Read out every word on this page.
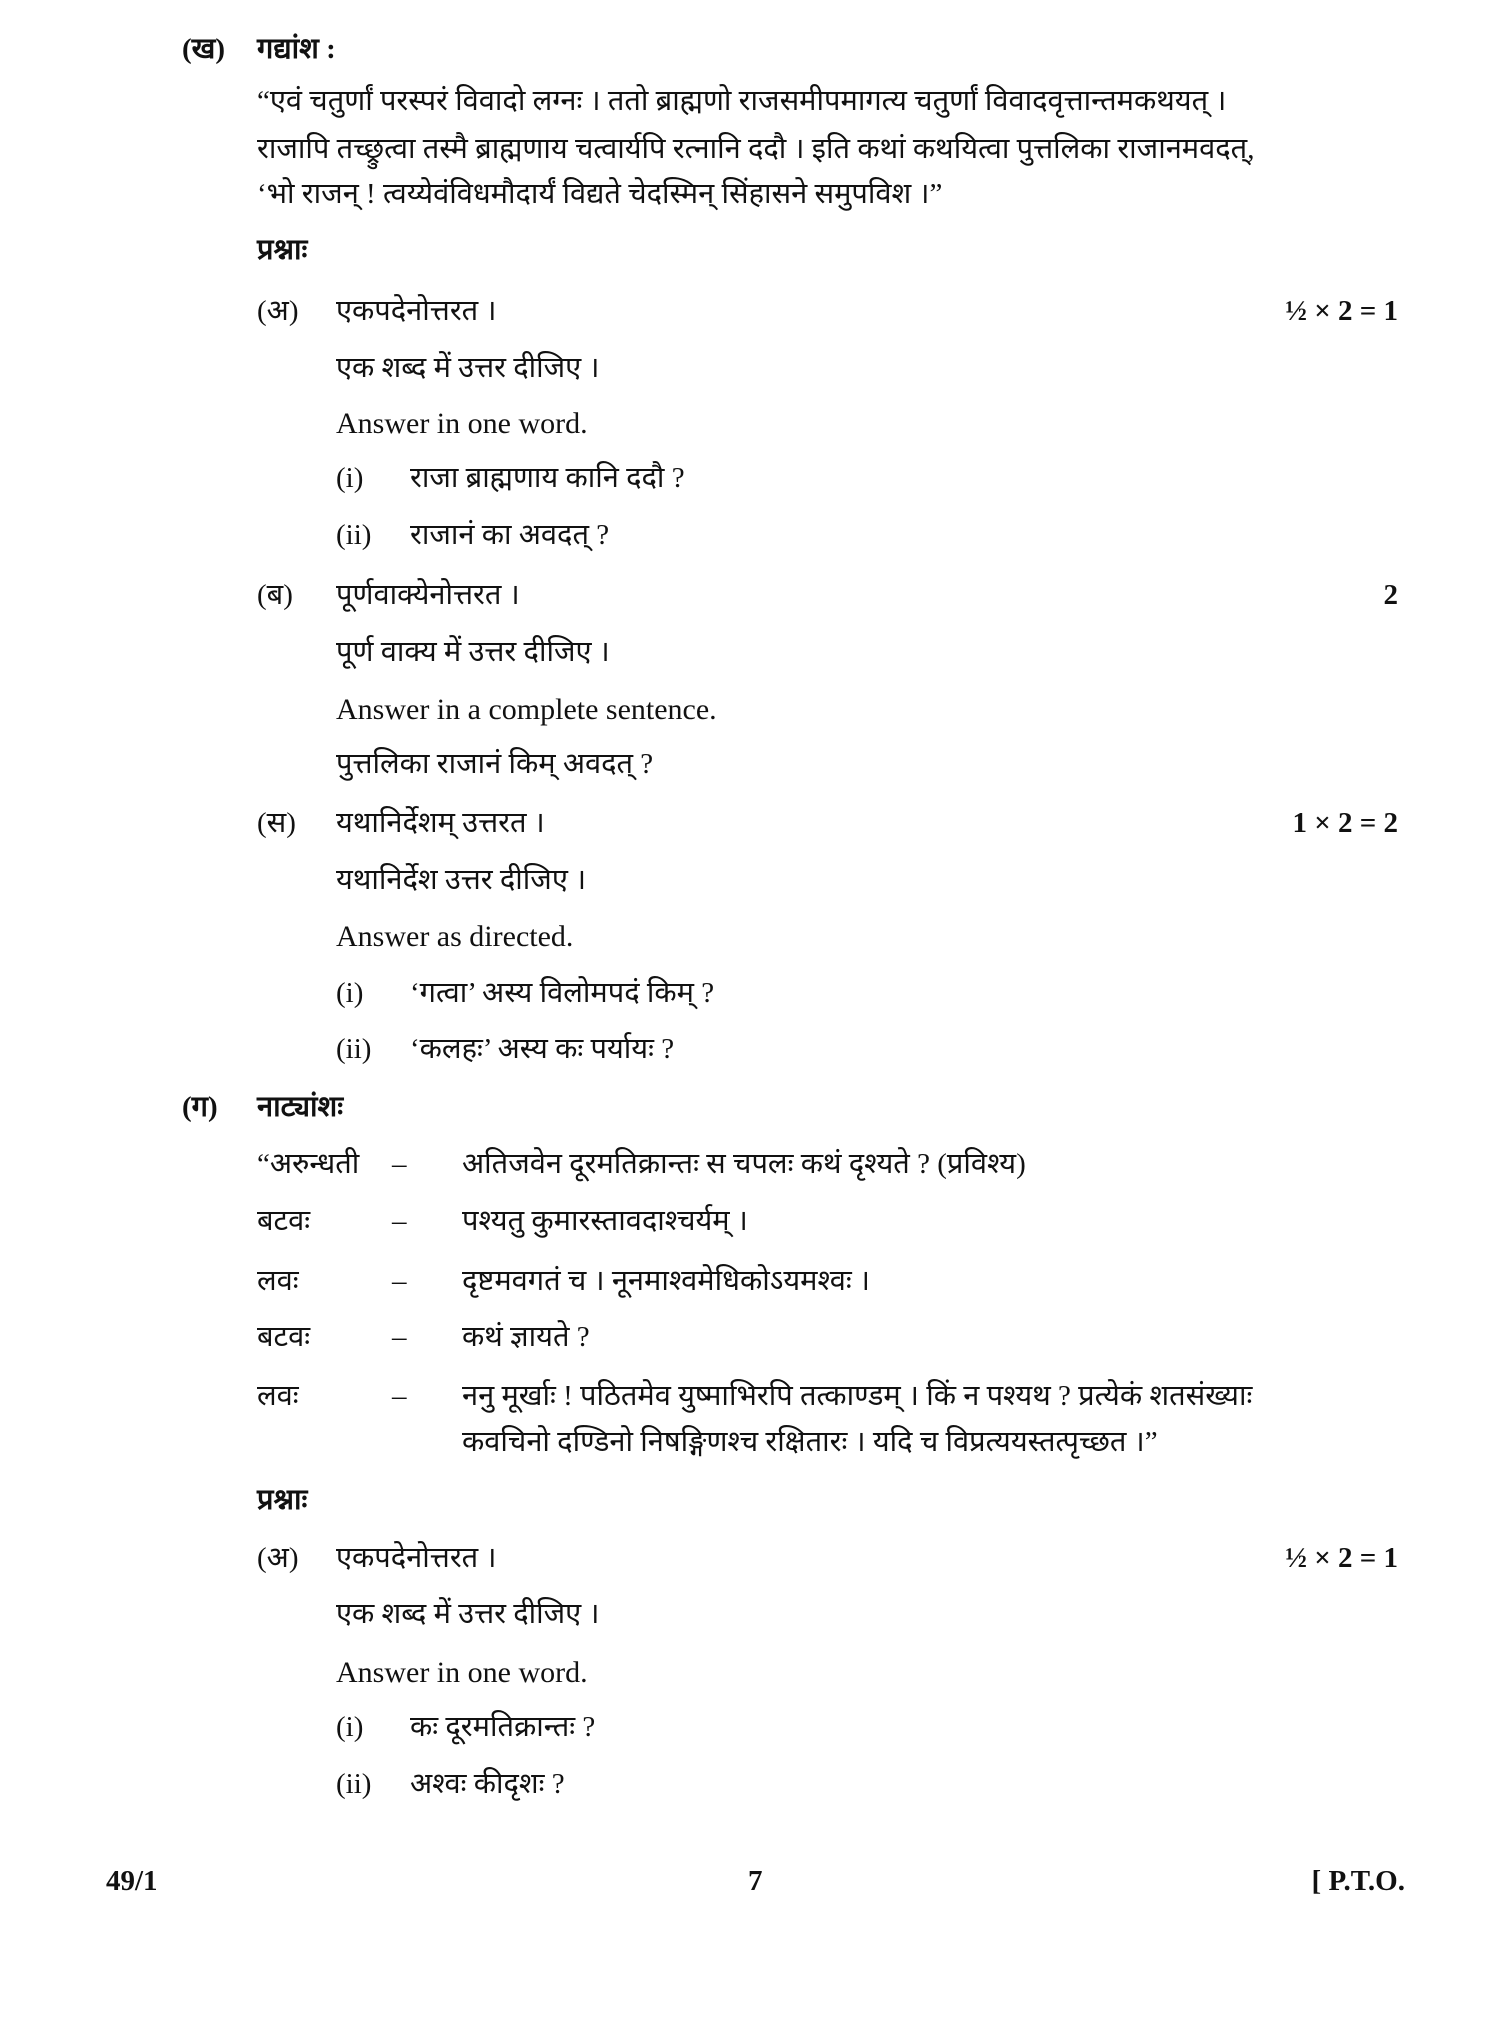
(ख) गद्यांश :
“एवं चतुर्णां परस्परं विवादो लग्नः । ततो ब्राह्मणो राजसमीपमागत्य चतुर्णां विवादवृत्तान्तमकथयत् ।
राजापि तच्छ्रुत्वा तस्मै ब्राह्मणाय चत्वार्यपि रत्नानि ददौ । इति कथां कथयित्वा पुत्तलिका राजानमवदत्,
‘भो राजन् ! त्वय्येवंविधमौदार्यं विद्यते चेदस्मिन् सिंहासने समुपविश ।”
प्रश्नाः
(अ) एकपदेनोत्तरत ।	½ × 2 = 1
एक शब्द में उत्तर दीजिए ।
Answer in one word.
(i) राजा ब्राह्मणाय कानि ददौ ?
(ii) राजानं का अवदत् ?
(ब) पूर्णवाक्येनोत्तरत ।	2
पूर्ण वाक्य में उत्तर दीजिए ।
Answer in a complete sentence.
पुत्तलिका राजानं किम् अवदत् ?
(स) यथानिर्देशम् उत्तरत ।	1 × 2 = 2
यथानिर्देश उत्तर दीजिए ।
Answer as directed.
(i) ‘गत्वा’ अस्य विलोमपदं किम् ?
(ii) ‘कलहः’ अस्य कः पर्यायः ?
(ग) नाट्यांशः
“अरुन्धती – अतिजवेन दूरमतिक्रान्तः स चपलः कथं दृश्यते ? (प्रविश्य)
बटवः	– पश्यतु कुमारस्तावदाश्चर्यम् ।
लवः	– दृष्टमवगतं च । नूनमाश्वमेधिकोऽयमश्वः ।
बटवः	– कथं ज्ञायते ?
लवः	– ननु मूर्खाः ! पठितमेव युष्माभिरपि तत्काण्डम् । किं न पश्यथ ? प्रत्येकं शतसंख्याः
कवचिनो दण्डिनो निषङ्गिणश्च रक्षितारः । यदि च विप्रत्ययस्तत्पृच्छत ।”
प्रश्नाः
(अ) एकपदेनोत्तरत ।	½ × 2 = 1
एक शब्द में उत्तर दीजिए ।
Answer in one word.
(i) कः दूरमतिक्रान्तः ?
(ii) अश्वः कीदृशः ?
49/1	7	[ P.T.O.
